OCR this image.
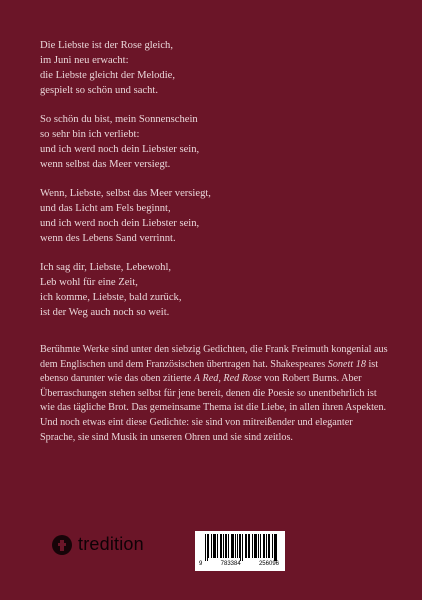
Die Liebste ist der Rose gleich,
im Juni neu erwacht:
die Liebste gleicht der Melodie,
gespielt so schön und sacht.
So schön du bist, mein Sonnenschein
so sehr bin ich verliebt:
und ich werd noch dein Liebster sein,
wenn selbst das Meer versiegt.
Wenn, Liebste, selbst das Meer versiegt,
und das Licht am Fels beginnt,
und ich werd noch dein Liebster sein,
wenn des Lebens Sand verrinnt.
Ich sag dir, Liebste, Lebewohl,
Leb wohl für eine Zeit,
ich komme, Liebste, bald zurück,
ist der Weg auch noch so weit.
Berühmte Werke sind unter den siebzig Gedichten, die Frank Freimuth kongenial aus dem Englischen und dem Französischen übertragen hat. Shakespeares Sonett 18 ist ebenso darunter wie das oben zitierte A Red, Red Rose von Robert Burns. Aber Überraschungen stehen selbst für jene bereit, denen die Poesie so unentbehrlich ist wie das tägliche Brot. Das gemeinsame Thema ist die Liebe, in allen ihren Aspekten. Und noch etwas eint diese Gedichte: sie sind von mitreißender und eleganter Sprache, sie sind Musik in unseren Ohren und sie sind zeitlos.
tredition
9	783384	256096
